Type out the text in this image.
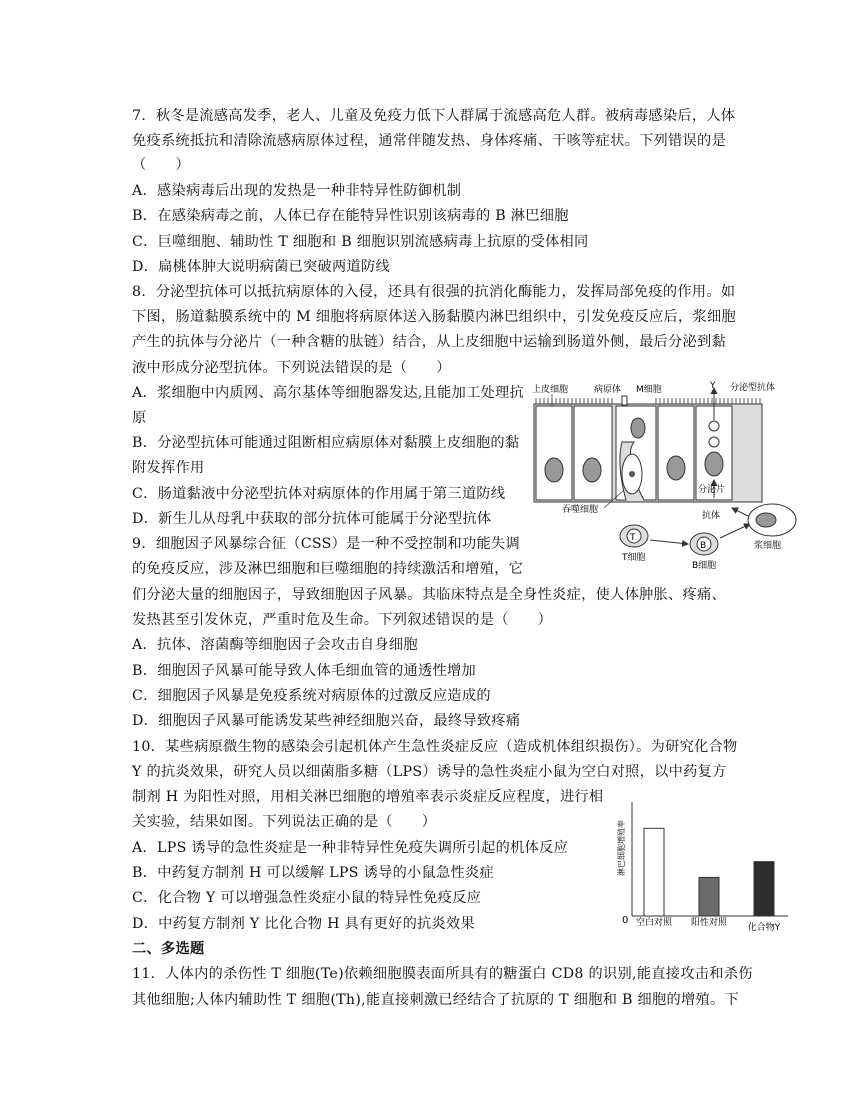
7．秋冬是流感高发季，老人、儿童及免疫力低下人群属于流感高危人群。被病毒感染后，人体
免疫系统抵抗和清除流感病原体过程，通常伴随发热、身体疼痛、干咳等症状。下列错误的是
（　　）
A．感染病毒后出现的发热是一种非特异性防御机制
B．在感染病毒之前，人体已存在能特异性识别该病毒的 B 淋巴细胞
C．巨噬细胞、辅助性 T 细胞和 B 细胞识别流感病毒上抗原的受体相同
D．扁桃体肿大说明病菌已突破两道防线
8．分泌型抗体可以抵抗病原体的入侵，还具有很强的抗消化酶能力，发挥局部免疫的作用。如
下图，肠道黏膜系统中的 M 细胞将病原体送入肠黏膜内淋巴组织中，引发免疫反应后，浆细胞
产生的抗体与分泌片（一种含糖的肽链）结合，从上皮细胞中运输到肠道外侧，最后分泌到黏
液中形成分泌型抗体。下列说法错误的是（　　）
A．浆细胞中内质网、高尔基体等细胞器发达,且能加工处理抗
原
B．分泌型抗体可能通过阻断相应病原体对黏膜上皮细胞的黏
附发挥作用
C．肠道黏液中分泌型抗体对病原体的作用属于第三道防线
D．新生儿从母乳中获取的部分抗体可能属于分泌型抗体
9．细胞因子风暴综合征（CSS）是一种不受控制和功能失调
的免疫反应，涉及淋巴细胞和巨噬细胞的持续激活和增殖，它
们分泌大量的细胞因子，导致细胞因子风暴。其临床特点是全身性炎症，使人体肿胀、疼痛、
发热甚至引发休克，严重时危及生命。下列叙述错误的是（　　）
A．抗体、溶菌酶等细胞因子会攻击自身细胞
B．细胞因子风暴可能导致人体毛细血管的通透性增加
C．细胞因子风暴是免疫系统对病原体的过激反应造成的
D．细胞因子风暴可能诱发某些神经细胞兴奋，最终导致疼痛
10．某些病原微生物的感染会引起机体产生急性炎症反应（造成机体组织损伤）。为研究化合物
Y 的抗炎效果，研究人员以细菌脂多糖（LPS）诱导的急性炎症小鼠为空白对照，以中药复方
制剂 H 为阳性对照，用相关淋巴细胞的增殖率表示炎症反应程度，进行相
关实验，结果如图。下列说法正确的是（　　）
A．LPS 诱导的急性炎症是一种非特异性免疫失调所引起的机体反应
B．中药复方制剂 H 可以缓解 LPS 诱导的小鼠急性炎症
C．化合物 Y 可以增强急性炎症小鼠的特异性免疫反应
D．中药复方制剂 Y 比化合物 H 具有更好的抗炎效果
二、多选题
11．人体内的杀伤性 T 细胞(Te)依赖细胞膜表面所具有的糖蛋白 CD8 的识别,能直接攻击和杀伤
其他细胞;人体内辅助性 T 细胞(Th),能直接刺激已经结合了抗原的 T 细胞和 B 细胞的增殖。下
Y
上皮细胞	病原体 M细胞	分泌型抗体
吞噬细胞
分泌片
抗体
T
T细胞
B
B细胞
浆细胞
淋巴细胞增殖率
0 空白对照 阳性对照 化合物Y
